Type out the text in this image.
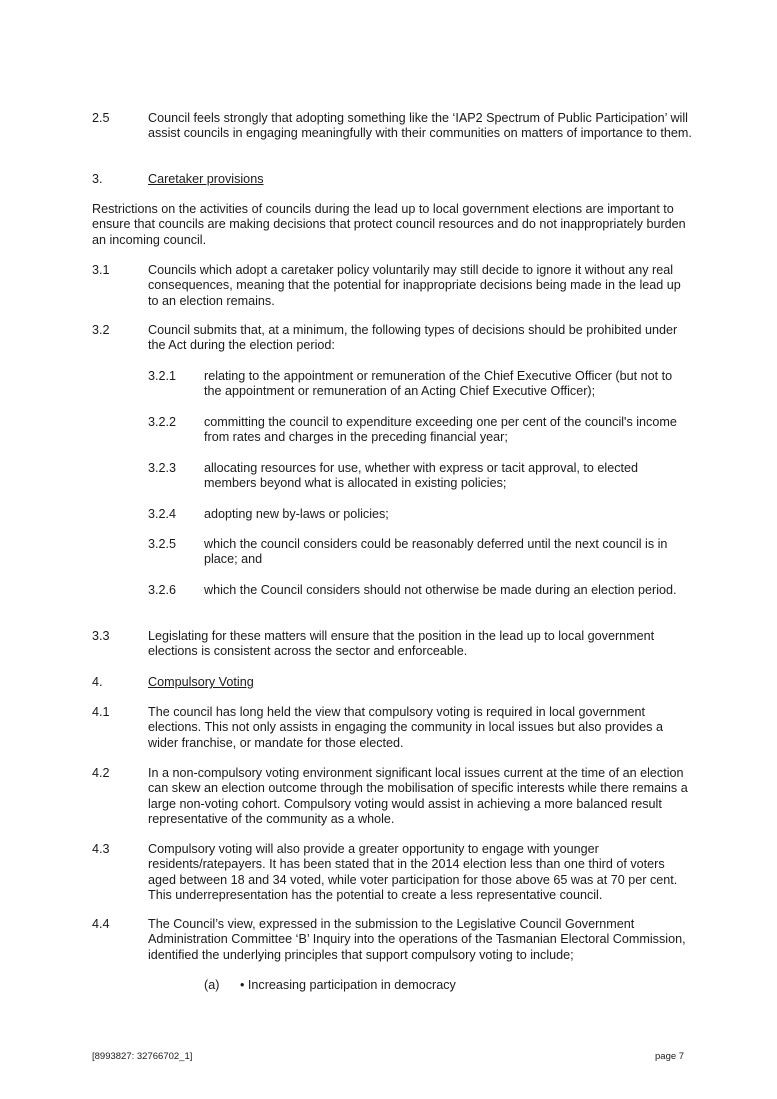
2.5	Council feels strongly that adopting something like the ‘IAP2 Spectrum of Public Participation’ will assist councils in engaging meaningfully with their communities on matters of importance to them.
3.	Caretaker provisions
Restrictions on the activities of councils during the lead up to local government elections are important to ensure that councils are making decisions that protect council resources and do not inappropriately burden an incoming council.
3.1	Councils which adopt a caretaker policy voluntarily may still decide to ignore it without any real consequences, meaning that the potential for inappropriate decisions being made in the lead up to an election remains.
3.2	Council submits that, at a minimum, the following types of decisions should be prohibited under the Act during the election period:
3.2.1	relating to the appointment or remuneration of the Chief Executive Officer (but not to the appointment or remuneration of an Acting Chief Executive Officer);
3.2.2	committing the council to expenditure exceeding one per cent of the council's income from rates and charges in the preceding financial year;
3.2.3	allocating resources for use, whether with express or tacit approval, to elected members beyond what is allocated in existing policies;
3.2.4	adopting new by-laws or policies;
3.2.5	which the council considers could be reasonably deferred until the next council is in place; and
3.2.6	which the Council considers should not otherwise be made during an election period.
3.3	Legislating for these matters will ensure that the position in the lead up to local government elections is consistent across the sector and enforceable.
4.	Compulsory Voting
4.1	The council has long held the view that compulsory voting is required in local government elections. This not only assists in engaging the community in local issues but also provides a wider franchise, or mandate for those elected.
4.2	In a non-compulsory voting environment significant local issues current at the time of an election can skew an election outcome through the mobilisation of specific interests while there remains a large non-voting cohort. Compulsory voting would assist in achieving a more balanced result representative of the community as a whole.
4.3	Compulsory voting will also provide a greater opportunity to engage with younger residents/ratepayers. It has been stated that in the 2014 election less than one third of voters aged between 18 and 34 voted, while voter participation for those above 65 was at 70 per cent. This underrepresentation has the potential to create a less representative council.
4.4	The Council’s view, expressed in the submission to the Legislative Council Government Administration Committee ‘B’ Inquiry into the operations of the Tasmanian Electoral Commission, identified the underlying principles that support compulsory voting to include;
(a) • Increasing participation in democracy
[8993827: 32766702_1]	page 7
